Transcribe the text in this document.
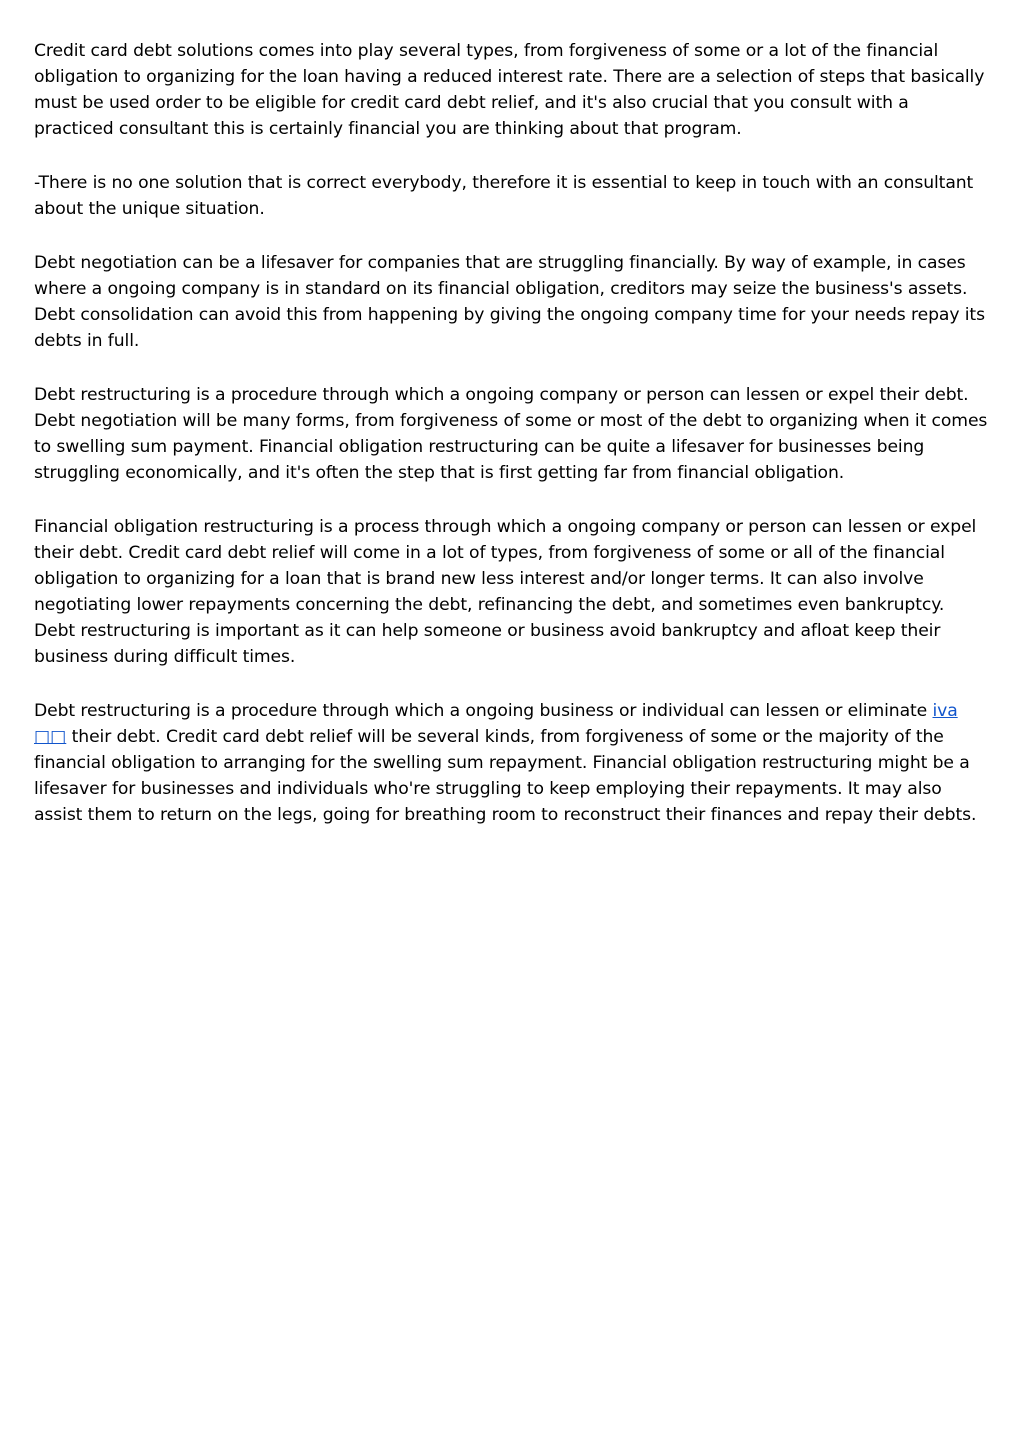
Credit card debt solutions comes into play several types, from forgiveness of some or a lot of the financial obligation to organizing for the loan having a reduced interest rate. There are a selection of steps that basically must be used order to be eligible for credit card debt relief, and it's also crucial that you consult with a practiced consultant this is certainly financial you are thinking about that program.

-There is no one solution that is correct everybody, therefore it is essential to keep in touch with an consultant about the unique situation.

Debt negotiation can be a lifesaver for companies that are struggling financially. By way of example, in cases where a ongoing company is in standard on its financial obligation, creditors may seize the business's assets. Debt consolidation can avoid this from happening by giving the ongoing company time for your needs repay its debts in full.

Debt restructuring is a procedure through which a ongoing company or person can lessen or expel their debt. Debt negotiation will be many forms, from forgiveness of some or most of the debt to organizing when it comes to swelling sum payment. Financial obligation restructuring can be quite a lifesaver for businesses being struggling economically, and it's often the step that is first getting far from financial obligation.

Financial obligation restructuring is a process through which a ongoing company or person can lessen or expel their debt. Credit card debt relief will come in a lot of types, from forgiveness of some or all of the financial obligation to organizing for a loan that is brand new less interest and/or longer terms. It can also involve negotiating lower repayments concerning the debt, refinancing the debt, and sometimes even bankruptcy. Debt restructuring is important as it can help someone or business avoid bankruptcy and afloat keep their business during difficult times.

Debt restructuring is a procedure through which a ongoing business or individual can lessen or eliminate iva □□ their debt. Credit card debt relief will be several kinds, from forgiveness of some or the majority of the financial obligation to arranging for the swelling sum repayment. Financial obligation restructuring might be a lifesaver for businesses and individuals who're struggling to keep employing their repayments. It may also assist them to return on the legs, going for breathing room to reconstruct their finances and repay their debts.
